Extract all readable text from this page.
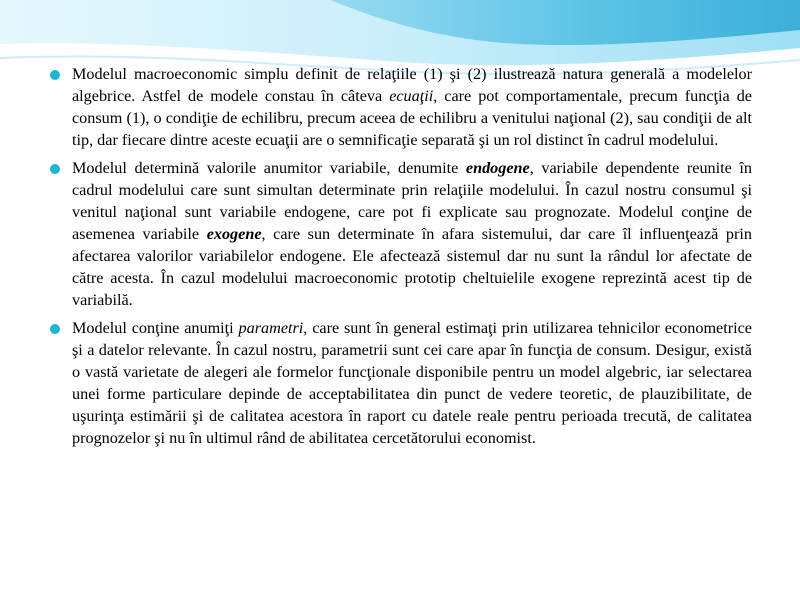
Modelul macroeconomic simplu definit de relaţiile (1) şi (2) ilustrează natura generală a modelelor algebrice. Astfel de modele constau în câteva ecuaţii, care pot comportamentale, precum funcţia de consum (1), o condiţie de echilibru, precum aceea de echilibru a venitului naţional (2), sau condiţii de alt tip, dar fiecare dintre aceste ecuaţii are o semnificaţie separată şi un rol distinct în cadrul modelului.
Modelul determină valorile anumitor variabile, denumite endogene, variabile dependente reunite în cadrul modelului care sunt simultan determinate prin relaţiile modelului. În cazul nostru consumul şi venitul naţional sunt variabile endogene, care pot fi explicate sau prognozate. Modelul conţine de asemenea variabile exogene, care sun determinate în afara sistemului, dar care îl influenţează prin afectarea valorilor variabilelor endogene. Ele afectează sistemul dar nu sunt la rândul lor afectate de către acesta. În cazul modelului macroeconomic prototip cheltuielile exogene reprezintă acest tip de variabilă.
Modelul conţine anumiţi parametri, care sunt în general estimaţi prin utilizarea tehnicilor econometrice şi a datelor relevante. În cazul nostru, parametrii sunt cei care apar în funcţia de consum. Desigur, există o vastă varietate de alegeri ale formelor funcţionale disponibile pentru un model algebric, iar selectarea unei forme particulare depinde de acceptabilitatea din punct de vedere teoretic, de plauzibilitate, de uşurinţa estimării şi de calitatea acestora în raport cu datele reale pentru perioada trecută, de calitatea prognozelor şi nu în ultimul rând de abilitatea cercetătorului economist.
